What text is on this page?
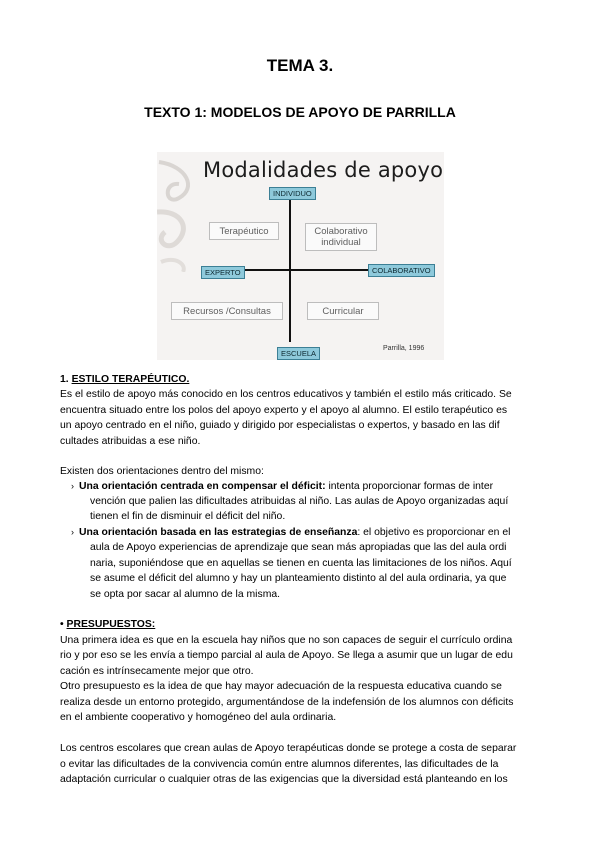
TEMA 3.
TEXTO 1: MODELOS DE APOYO DE PARRILLA
Modalidades de apoyo
INDIVIDUO
ESCUELA
EXPERTO	COLABORATIVO
Terapéutico	Colaborativo
individual
Recursos /Consultas	Curricular
Parrilla, 1996
1. ESTILO TERAPÉUTICO.
Es el estilo de apoyo más conocido en los centros educativos y también el estilo más criticado. Se
encuentra situado entre los polos del apoyo experto y el apoyo al alumno. El estilo terapéutico es
un apoyo centrado en el niño, guiado y dirigido por especialistas o expertos, y basado en las dif
cultades atribuidas a ese niño.
Existen dos orientaciones dentro del mismo:
› Una orientación centrada en compensar el déficit: intenta proporcionar formas de inter
vención que palien las dificultades atribuidas al niño. Las aulas de Apoyo organizadas aquí
tienen el fin de disminuir el déficit del niño.
› Una orientación basada en las estrategias de enseñanza: el objetivo es proporcionar en el
aula de Apoyo experiencias de aprendizaje que sean más apropiadas que las del aula ordi
naria, suponiéndose que en aquellas se tienen en cuenta las limitaciones de los niños. Aquí
se asume el déficit del alumno y hay un planteamiento distinto al del aula ordinaria, ya que
se opta por sacar al alumno de la misma.
• PRESUPUESTOS:
Una primera idea es que en la escuela hay niños que no son capaces de seguir el currículo ordina
rio y por eso se les envía a tiempo parcial al aula de Apoyo. Se llega a asumir que un lugar de edu
cación es intrínsecamente mejor que otro.
Otro presupuesto es la idea de que hay mayor adecuación de la respuesta educativa cuando se
realiza desde un entorno protegido, argumentándose de la indefensión de los alumnos con déficits
en el ambiente cooperativo y homogéneo del aula ordinaria.
Los centros escolares que crean aulas de Apoyo terapéuticas donde se protege a costa de separar
o evitar las dificultades de la convivencia común entre alumnos diferentes, las dificultades de la
adaptación curricular o cualquier otras de las exigencias que la diversidad está planteando en los
